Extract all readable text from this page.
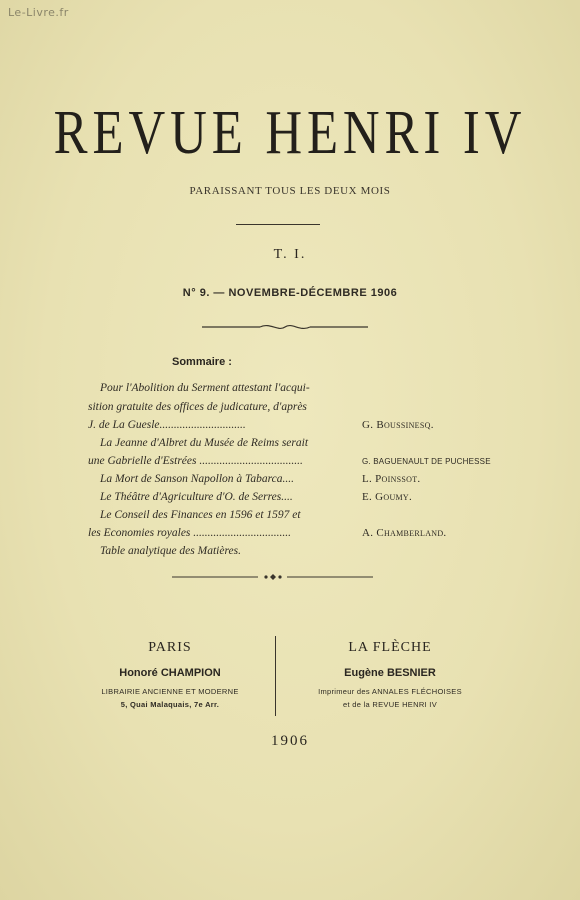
Le-Livre.fr
REVUE HENRI IV
PARAISSANT TOUS LES DEUX MOIS
T. I.
N° 9. — NOVEMBRE-DÉCEMBRE 1906
Sommaire :
Pour l'Abolition du Serment attestant l'acqui-
sition gratuite des offices de judicature, d'après
J. de La Guesle..............................	G. Boussinesq.
La Jeanne d'Albret du Musée de Reims serait
une Gabrielle d'Estrées ....................................	G. BAGUENAULT DE PUCHESSE
La Mort de Sanson Napollon à Tabarca....	L. Poinssot.
Le Théâtre d'Agriculture d'O. de Serres....	E. Goumy.
Le Conseil des Finances en 1596 et 1597 et
les Economies royales ..................................	A. Chamberland.
Table analytique des Matières.
PARIS
Honoré CHAMPION
LIBRAIRIE ANCIENNE ET MODERNE
5, Quai Malaquais, 7e Arr.
LA FLÈCHE
Eugène BESNIER
Imprimeur des ANNALES FLÉCHOISES
et de la REVUE HENRI IV
1906
